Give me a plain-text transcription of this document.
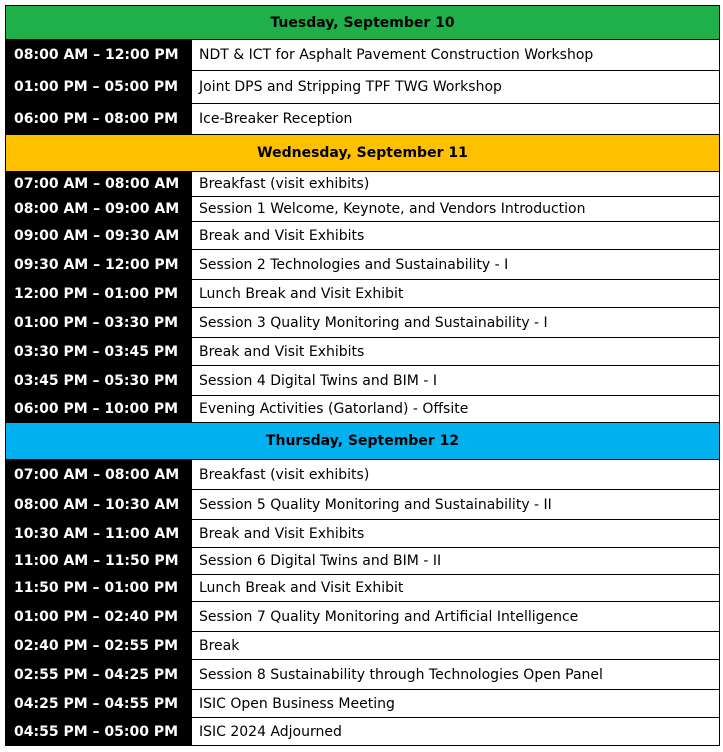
Tuesday, September 10	
08:00 AM – 12:00 PM	NDT & ICT for Asphalt Pavement Construction Workshop
01:00 PM – 05:00 PM	Joint DPS and Stripping TPF TWG Workshop
06:00 PM – 08:00 PM	Ice-Breaker Reception
Wednesday, September 11	
07:00 AM – 08:00 AM	Breakfast (visit exhibits)
08:00 AM – 09:00 AM	Session 1 Welcome, Keynote, and Vendors Introduction
09:00 AM – 09:30 AM	Break and Visit Exhibits
09:30 AM – 12:00 PM	Session 2 Technologies and Sustainability - I
12:00 PM – 01:00 PM	Lunch Break and Visit Exhibit
01:00 PM – 03:30 PM	Session 3 Quality Monitoring and Sustainability - I
03:30 PM – 03:45 PM	Break and Visit Exhibits
03:45 PM – 05:30 PM	Session 4 Digital Twins and BIM - I
06:00 PM – 10:00 PM	Evening Activities (Gatorland) - Offsite
Thursday, September 12	
07:00 AM – 08:00 AM	Breakfast (visit exhibits)
08:00 AM – 10:30 AM	Session 5 Quality Monitoring and Sustainability - II
10:30 AM – 11:00 AM	Break and Visit Exhibits
11:00 AM – 11:50 PM	Session 6 Digital Twins and BIM - II
11:50 PM – 01:00 PM	Lunch Break and Visit Exhibit
01:00 PM – 02:40 PM	Session 7 Quality Monitoring and Artificial Intelligence
02:40 PM – 02:55 PM	Break
02:55 PM – 04:25 PM	Session 8 Sustainability through Technologies Open Panel
04:25 PM – 04:55 PM	ISIC Open Business Meeting
04:55 PM – 05:00 PM	ISIC 2024 Adjourned
